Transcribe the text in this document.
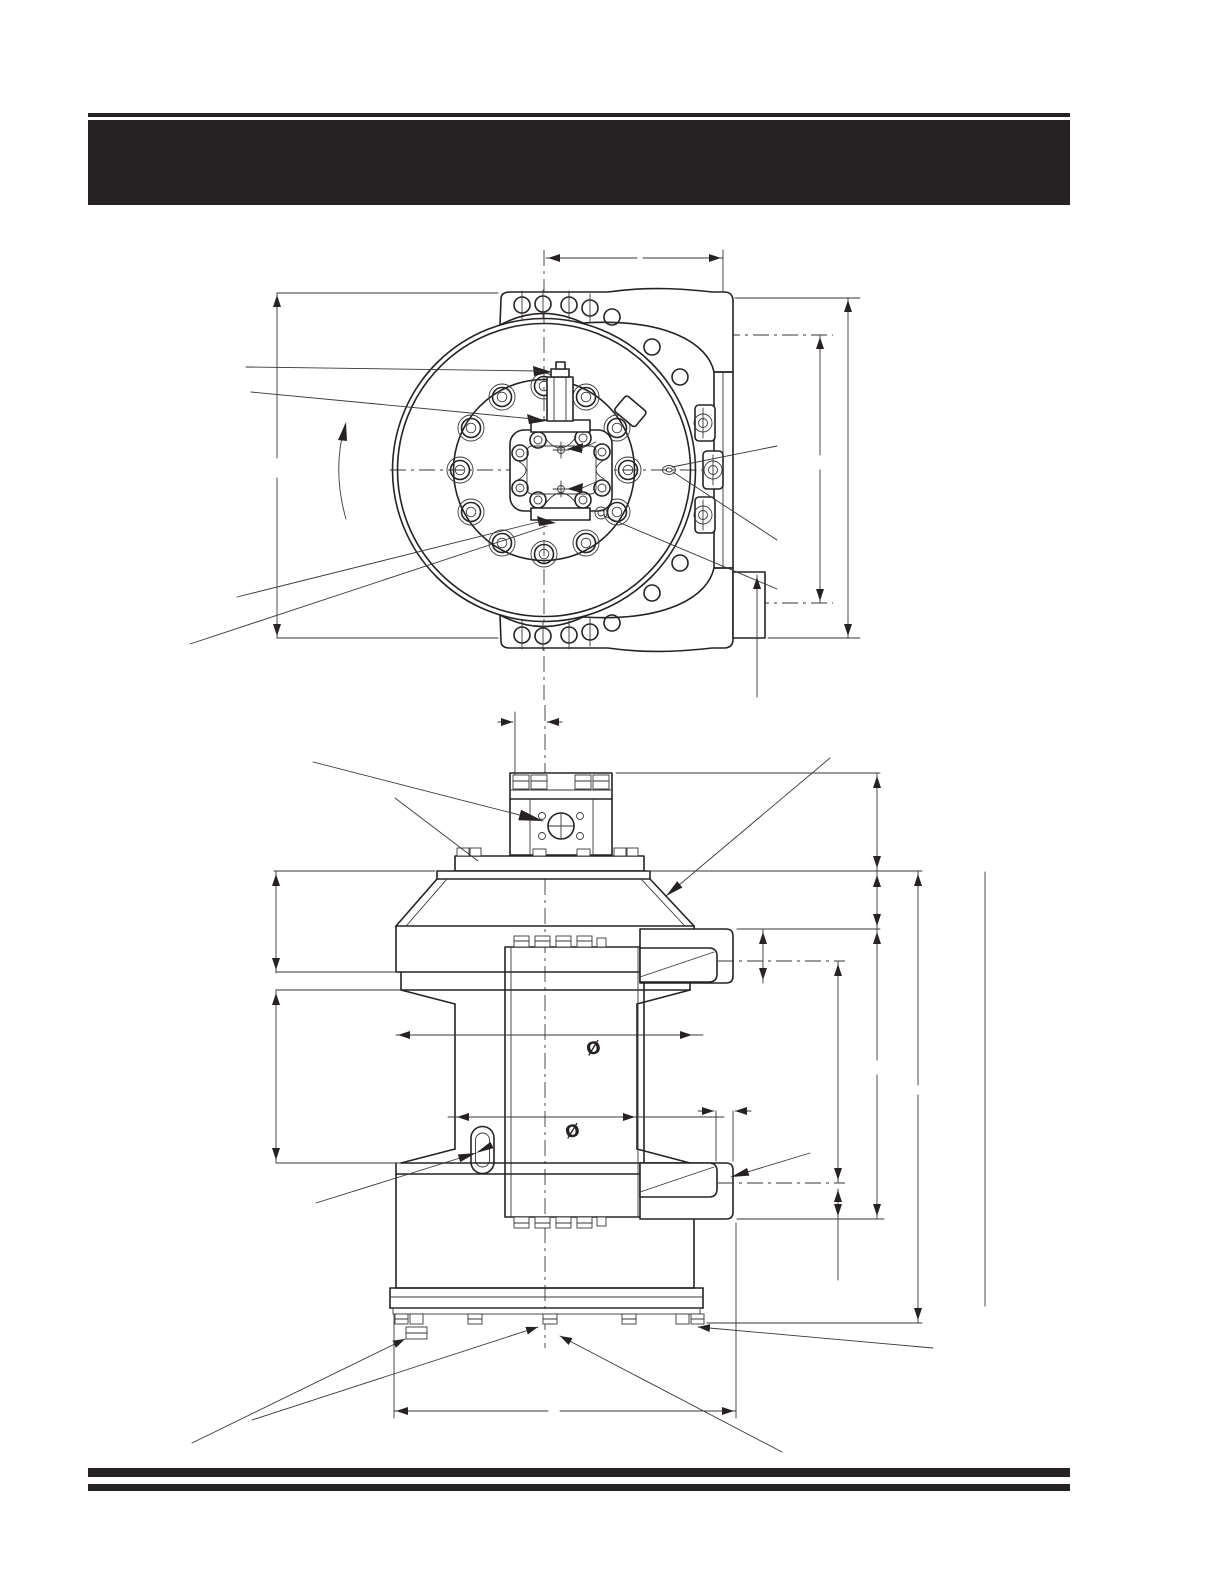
Ø
Ø
